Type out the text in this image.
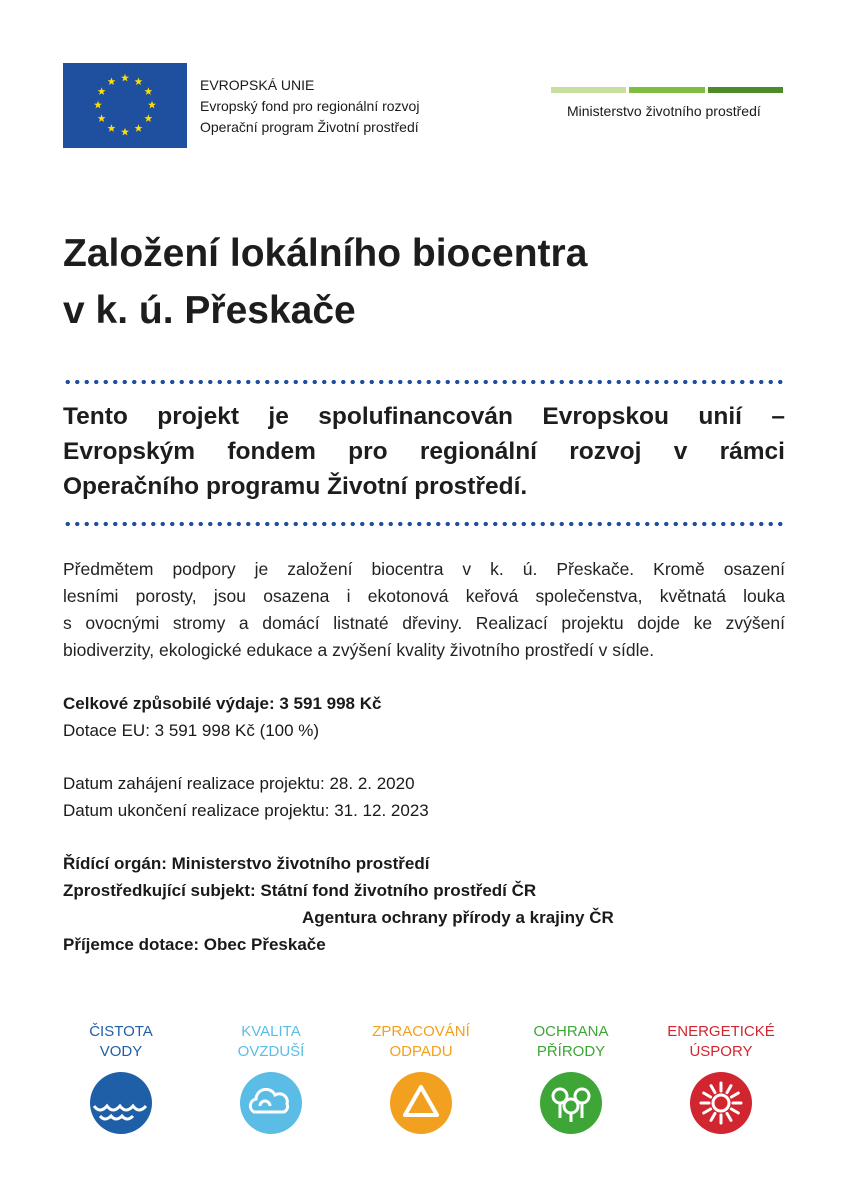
EVROPSKÁ UNIE
Evropský fond pro regionální rozvoj
Operační program Životní prostředí
Ministerstvo životního prostředí
Založení lokálního biocentra
v k. ú. Přeskače
Tento projekt je spolufinancován Evropskou unií –
Evropským fondem pro regionální rozvoj v rámci
Operačního programu Životní prostředí.
Předmětem podpory je založení biocentra v k. ú. Přeskače. Kromě osazení
lesními porosty, jsou osazena i ekotonová keřová společenstva, květnatá louka
s ovocnými stromy a domácí listnaté dřeviny. Realizací projektu dojde ke zvýšení
biodiverzity, ekologické edukace a zvýšení kvality životního prostředí v sídle.
Celkové způsobilé výdaje: 3 591 998 Kč
Dotace EU: 3 591 998 Kč (100 %)
Datum zahájení realizace projektu: 28. 2. 2020
Datum ukončení realizace projektu: 31. 12. 2023
Řídící orgán: Ministerstvo životního prostředí
Zprostředkující subjekt: Státní fond životního prostředí ČR
Agentura ochrany přírody a krajiny ČR
Příjemce dotace: Obec Přeskače
ČISTOTA
VODY
KVALITA
OVZDUŠÍ
ZPRACOVÁNÍ
ODPADU
OCHRANA
PŘÍRODY
ENERGETICKÉ
ÚSPORY
